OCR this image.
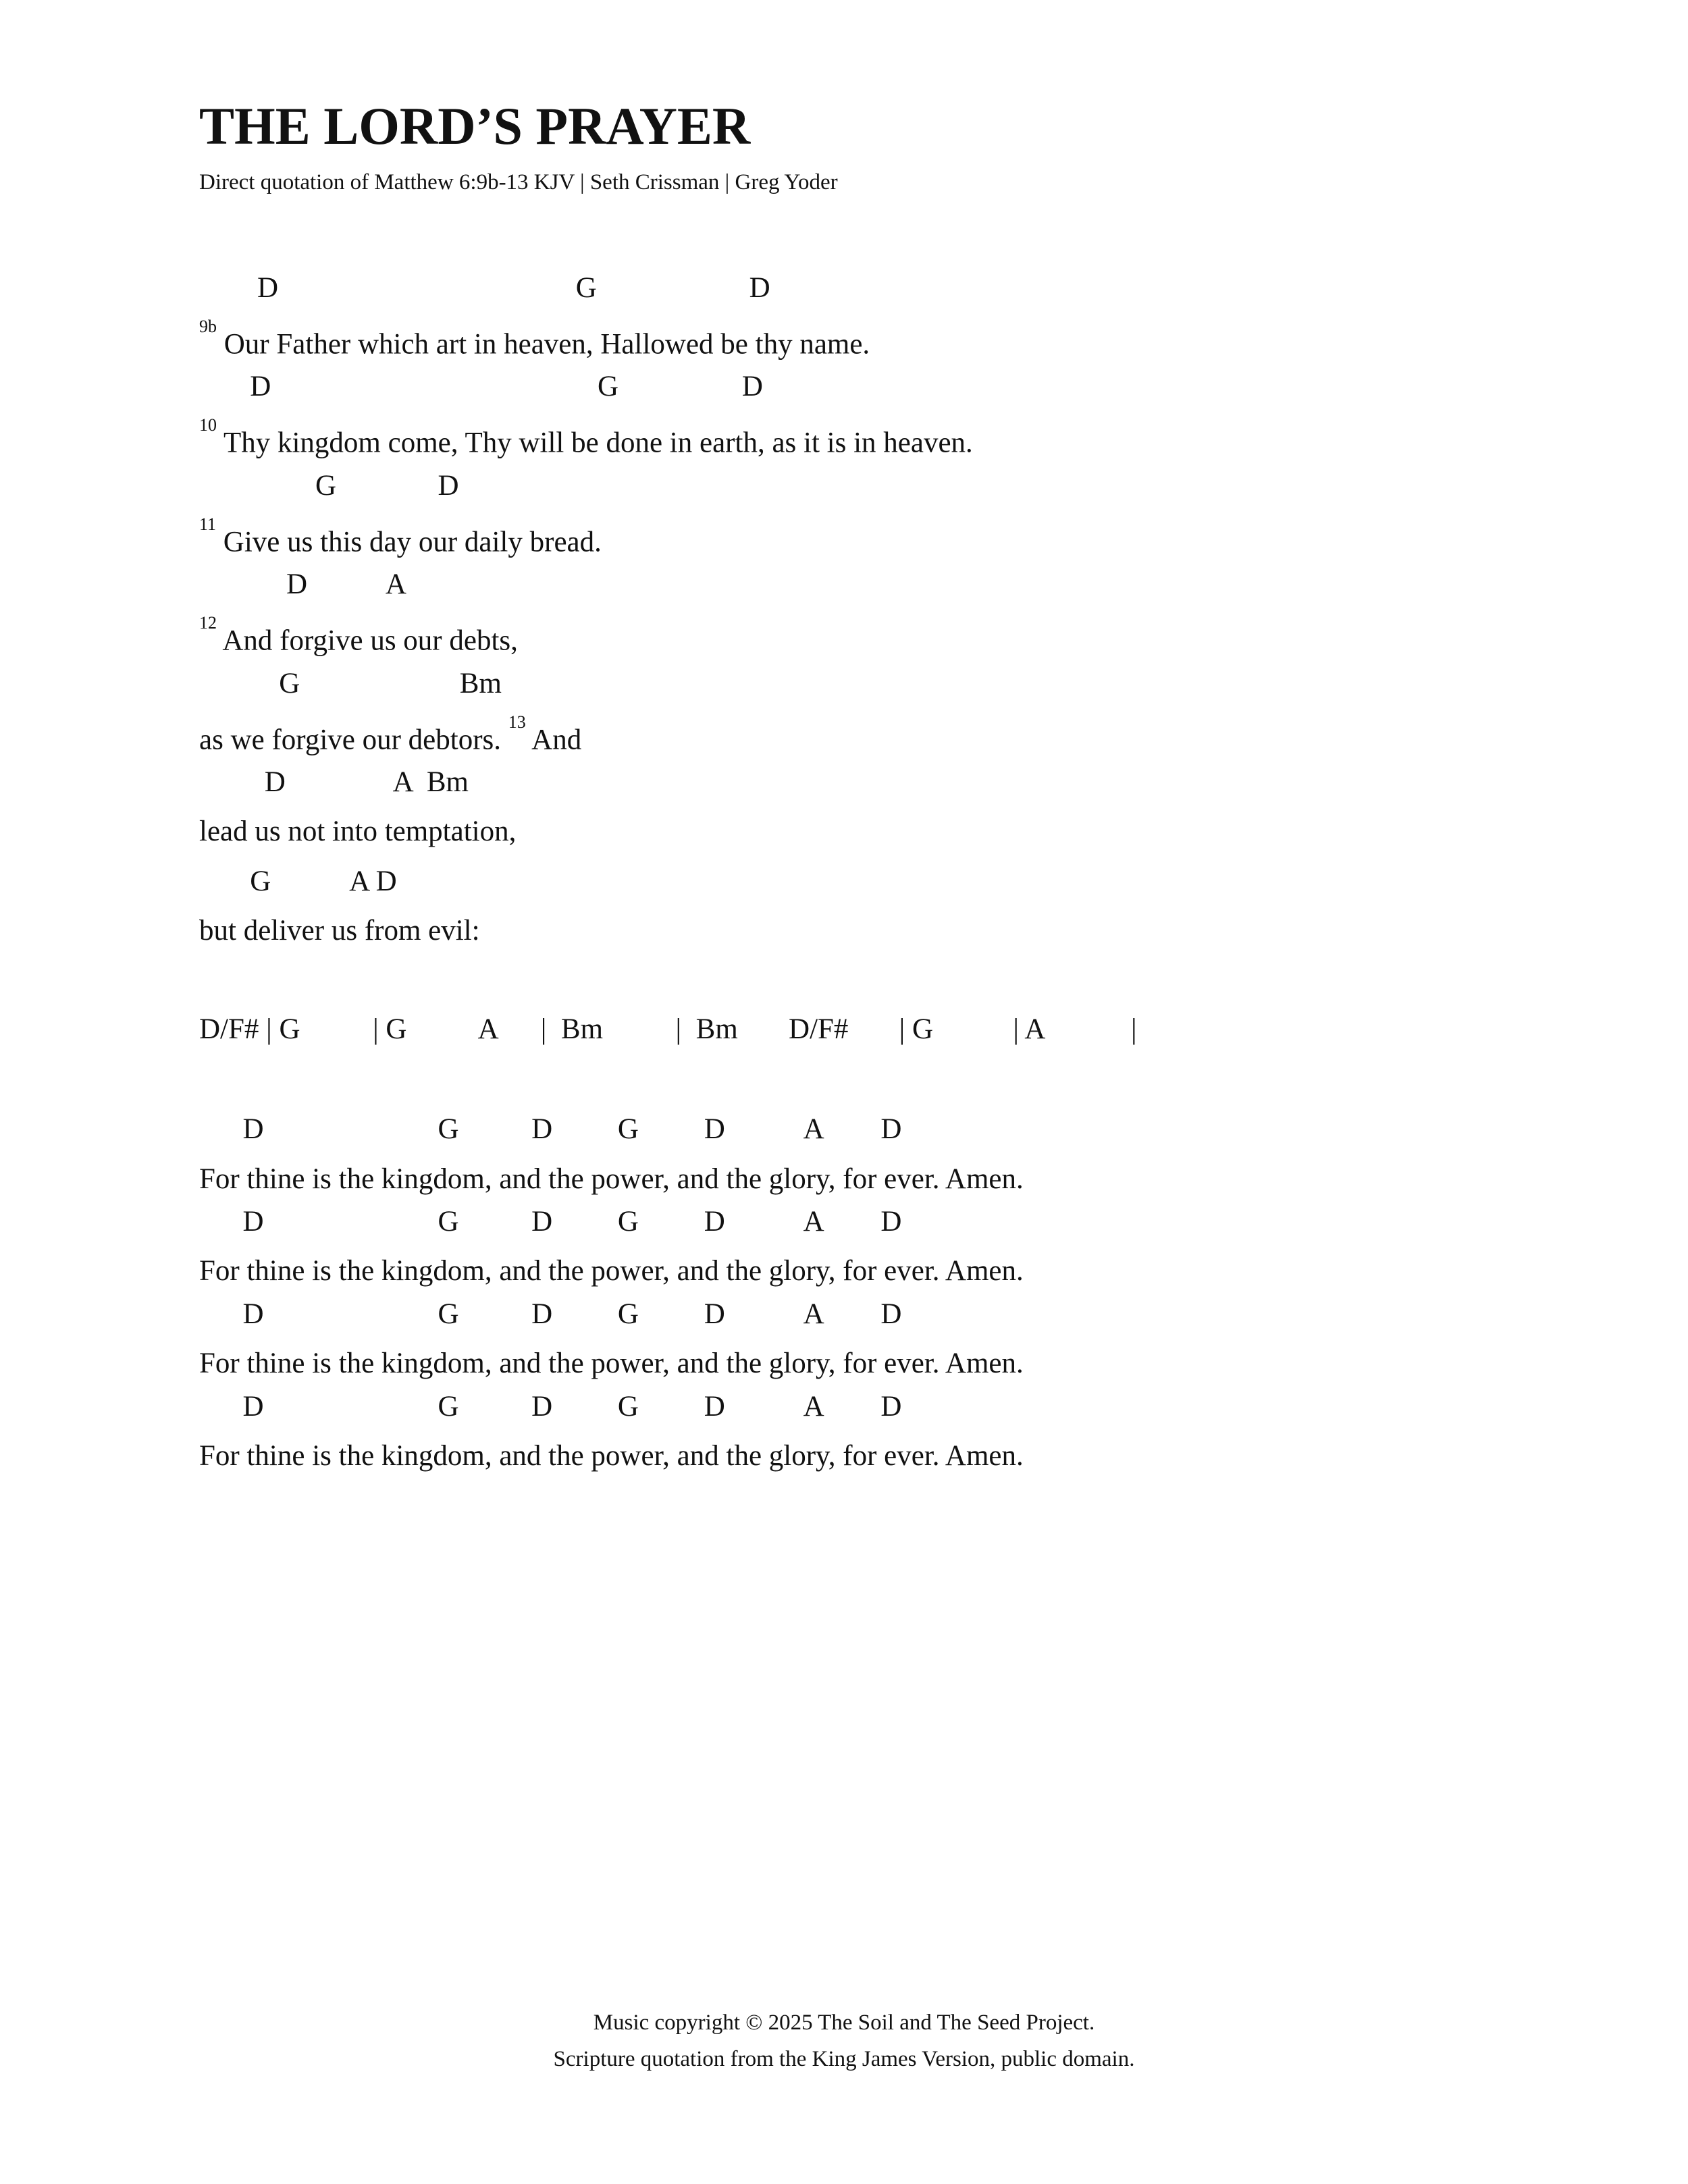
THE LORD’S PRAYER
Direct quotation of Matthew 6:9b-13 KJV | Seth Crissman | Greg Yoder
D                                         G                     D
$^{9b}$ Our Father which art in heaven, Hallowed be thy name.
D                                             G                 D
$^{10}$ Thy kingdom come, Thy will be done in earth, as it is in heaven.
G              D
$^{11}$ Give us this day our daily bread.
D           A
$^{12}$ And forgive us our debts,
G                      Bm
as we forgive our debtors. $^{13}$ And
D               A  Bm
lead us not into temptation,
G           A D
but deliver us from evil:
D/F# | G          | G          A      |  Bm          |  Bm       D/F#       | G           | A            |
D                        G          D         G         D           A        D
For thine is the kingdom, and the power, and the glory, for ever. Amen.
D                        G          D         G         D           A        D
For thine is the kingdom, and the power, and the glory, for ever. Amen.
D                        G          D         G         D           A        D
For thine is the kingdom, and the power, and the glory, for ever. Amen.
D                        G          D         G         D           A        D
For thine is the kingdom, and the power, and the glory, for ever. Amen.
Music copyright © 2025 The Soil and The Seed Project.
Scripture quotation from the King James Version, public domain.
